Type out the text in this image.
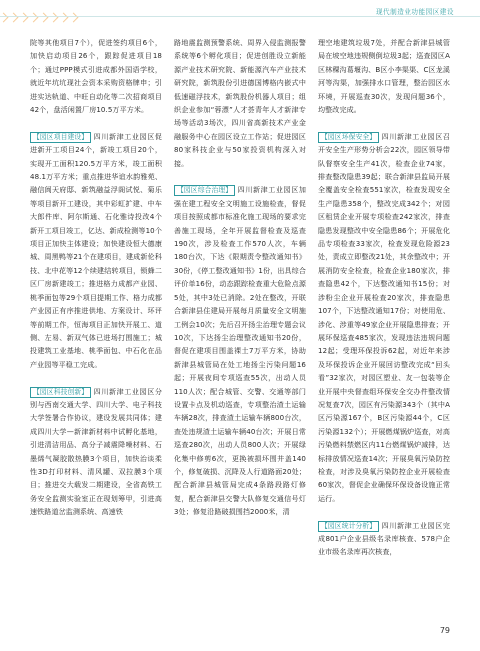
现代制造业功能园区建设

院等其他项目7个），促进签约项目6个，加快启动项目26个，跟踪促进项目18个；通过PPP模式引进成都外国语学校，就近年坑坑现社会资本采购资格牌申；引进实达轨道、中旺自动化等二次招商项目42个，盘活闲置厂房10.5万平方米。

【园区项目建设】 四川新津工业园区促进新开工项目24个，新竣工项目20个，实现开工面积120.5万平方米，竣工面积48.1万平方米；重点推进华谊水韵雅苑、融信阆天府邸、新筑融益浮阁试悦、菊乐等项目新开工建设，其中彩虹扩建、中车大郎件库、阿尔斯通、石化雅诗投改4个新开工项目竣工，亿达、新成检测等10个项目正加快主体建设；加快建设恒大德康城、周黑鸭等21个在建项目，建成新伦科技、北中花等12个续建结转项目，锁蜂二区厂房新建竣工；推进格力成都产业园、桃季面包等29个项目提期工作、格力成都产业园正有序推进供地、方案设计、环评等前期工作，恒海项目正加快开展工、道侧、左易、新双气体已进场打围施工；城投建筑工业基地、桃季面包、中石化在品产业园等平稳工完成。

【园区科技创新】 四川新津工业园区分别与西南交通大学、四川大学、电子科技大学签署合作协议，建设发展共同体；建成四川大学—新津新材料中试孵化基地，引进清洁用品、高分子减震降噪材料、石墨烯气凝胶散热膜3个项目，加快治谈柔性3D打印材料、清风罐、双拉膜3个项目；推进交大载发二期建设，全省高铁工务安全监测实验室正在现划筹甲，引进高速铁路道岔监测系统、高速铁

路地震监测预警系统、周界入侵监测报警系统等6个孵化项目；促进创胜设立新能源产业技术研究院、新能源汽车产业技术研究院，新筑股份引进德国博格内嵌式中低速磁浮技术，新筑股份机器人项目；组织企业参加“蓉漂”人才荟青年人才新津专场等活动3场次，四川省高新技术产业金融服务中心在园区设立工作站；促进园区80家科技企业与50家投资机构深入对接。

【园区综合治理】 四川新津工业园区加强在建工程安全文明施工设施检查，督促项目按照成都市标准化施工现场的要求完善施工现场，全年开展监督检查及巡查190次，涉及检查工作570人次，车辆180台次，下达《限期责令整改通知书》30份，《停工整改通知书》1份，出具综合评价单16份，动态跟踪检查重大危险点源5处，其中3处已消除。2处在整改，开联合新津县住建局开展每月质量安全文明施工例会10次；先后召开扬尘治理专题会议10次，下达扬尘治理整改通知书20份，督促在建项目围盖裸土7万平方米，协助新津县城管局在处工地扬尘污染问题16起；开展夜间专项巡查55次，出动人员110人次；配合城管、交警、交通等部门设置卡点及机动巡查，专项整治渣土运输车辆28次，排查渣土运输车辆800台次，查处违规渣土运输车辆40台次；开展日常巡查280次，出动人员800人次；开展绿化集中修剪6次，更换被损坏围井盖140个，修复破损、沉降及人行道路面20处；配合新津县城管局完成4条路段路灯修复，配合新津县交警大队修复交通信号灯3处；修复沿路破损围挡2000米，清

理空地建筑垃圾7处，并配合新津县城管局在坡空地违规侧倒垃圾3起；巡查园区A区林稞沟葛堰沟、B区小李渠渠、C区龙溪河等沟渠，加强排水口管理，整治园区水环境，开展巡查30次，发现问题36个，均整改完成。

【园区环保安全】 四川新津工业园区召开安全生产形势分析会22次，园区领导带队督察安全生产41次，检查企业74家，排查整改隐患39起；联合新津县监局开展全覆盖安全检查551家次，检查发现安全生产隐患358个，整改完成342个；对园区租赁企业开展专项检查242家次，排查隐患发现整改中安全隐患86个；开展危化品专项检查33家次，检查发现危险源23处，责成立即整改21处，其余整改中；开展消防安全检查，检查企业180家次，排查隐患42个，下达整改通知书15份；对涉粉尘企业开展检查20家次，排查隐患107个，下达整改通知17份；对使用危、涉化、涉重等49家企业开展隐患排查；开展环保巡查485家次，发现违法违规问题12起；受理环保投诉62起，对近年来涉及环保投诉企业开展回访整改完成“回头看”32家次，对园区塑业、友一包装等企业开展中央督查组环保安全交办件整改情况复查7次，园区有污染源343个（其中A区污染源167个，B区污染源44个，C区污染源132个）；开展燃煤锅炉巡查，对高污染燃料禁燃区内11台燃煤锅炉减排，达标排放情况巡查14次；开展臭氧污染防控检查，对涉及臭氧污染防控企业开展检查60家次，督促企业确保环保设备设施正常运行。

【园区统计分析】 四川新津工业园区完成801户企业县级名录库核查、578户企业市级名录库再次核查，

79
